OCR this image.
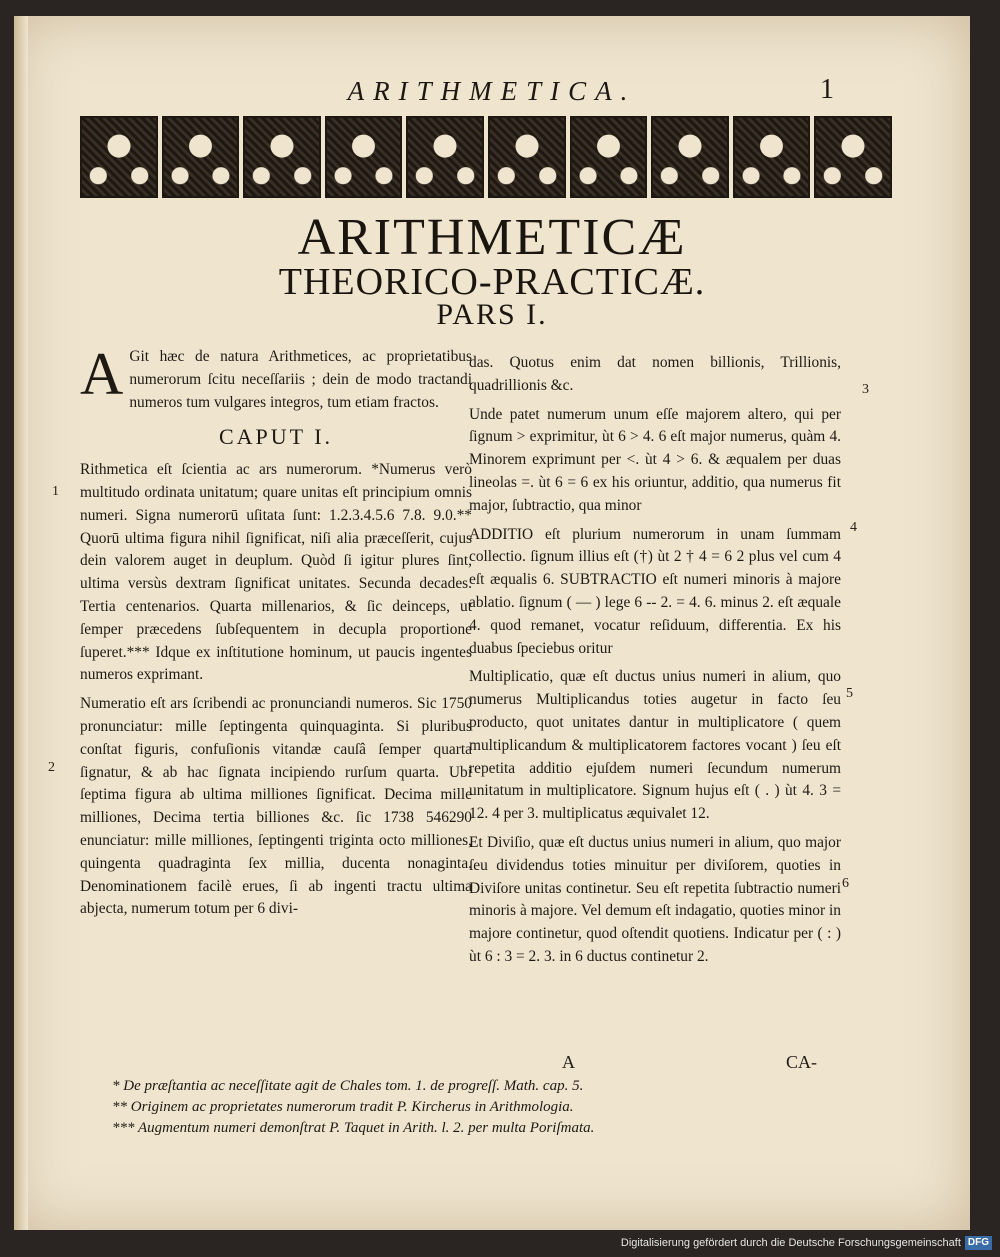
ARITHMETICA.	1
ARITHMETICÆ
THEORICO-PRACTICÆ.
PARS I.

A Git hæc de natura Arithmetices, ac proprietatibus numerorum ſcitu neceſſariis ; dein de modo tractandi numeros tum vulgares integros, tum etiam fractos.

CAPUT I.

Rithmetica eſt ſcientia ac ars numerorum. *Numerus verò multitudo ordinata unitatum; quare unitas eſt principium omnis numeri. Signa numerorū uſitata ſunt: 1.2.3.4.5.6 7.8. 9.0.** Quorū ultima figura nihil ſignificat, niſi alia præceſſerit, cujus dein valorem auget in deuplum. Quòd ſi igitur plures ſint, ultima versùs dextram ſignificat unitates. Secunda decades. Tertia centenarios. Quarta millenarios, & ſic deinceps, ut ſemper præcedens ſubſequentem in decupla proportione ſuperet.*** Idque ex inſtitutione hominum, ut paucis ingentes numeros exprimant.

Numeratio eſt ars ſcribendi ac pronunciandi numeros. Sic 1750 pronunciatur: mille ſeptingenta quinquaginta. Si pluribus conſtat figuris, confuſionis vitandæ cauſâ ſemper quarta ſignatur, & ab hac ſignata incipiendo rurſum quarta. Ubi ſeptima figura ab ultima milliones ſignificat. Decima mille milliones, Decima tertia billiones &c. ſic 1738 546290 enunciatur: mille milliones, ſeptingenti triginta octo milliones, quingenta quadraginta ſex millia, ducenta nonaginta. Denominationem facilè erues, ſi ab ingenti tractu ultima abjecta, numerum totum per 6 divi-

das. Quotus enim dat nomen billionis, Trillionis, quadrillionis &c.

Unde patet numerum unum eſſe majorem altero, qui per ſignum > exprimitur, ùt 6 > 4. 6 eſt major numerus, quàm 4. Minorem exprimunt per <. ùt 4 > 6. & æqualem per duas lineolas =. ùt 6 = 6 ex his oriuntur, additio, qua numerus fit major, ſubtractio, qua minor

ADDITIO eſt plurium numerorum in unam ſummam collectio. ſignum illius eſt (†) ùt 2 † 4 = 6 2 plus vel cum 4 eſt æqualis 6. SUBTRACTIO eſt numeri minoris à majore ablatio. ſignum ( — ) lege 6 -- 2. = 4. 6. minus 2. eſt æquale 4. quod remanet, vocatur reſiduum, differentia. Ex his duabus ſpeciebus oritur

Multiplicatio, quæ eſt ductus unius numeri in alium, quo numerus Multiplicandus toties augetur in facto ſeu producto, quot unitates dantur in multiplicatore ( quem multiplicandum & multiplicatorem factores vocant ) ſeu eſt repetita additio ejuſdem numeri ſecundum numerum unitatum in multiplicatore. Signum hujus eſt ( . ) ùt 4. 3 = 12. 4 per 3. multiplicatus æquivalet 12.

Et Diviſio, quæ eſt ductus unius numeri in alium, quo major ſeu dividendus toties minuitur per diviſorem, quoties in Diviſore unitas continetur. Seu eſt repetita ſubtractio numeri minoris à majore. Vel demum eſt indagatio, quoties minor in majore continetur, quod oſtendit quotiens. Indicatur per ( : ) ùt 6 : 3 = 2. 3. in 6 ductus continetur 2.

1
2
3
4
5
6
A	CA-
* De præſtantia ac neceſſitate agit de Chales tom. 1. de progreſſ. Math. cap. 5.
** Originem ac proprietates numerorum tradit P. Kircherus in Arithmologia.
*** Augmentum numeri demonſtrat P. Taquet in Arith. l. 2. per multa Poriſmata.
Digitalisierung gefördert durch die Deutsche Forschungsgemeinschaft DFG
